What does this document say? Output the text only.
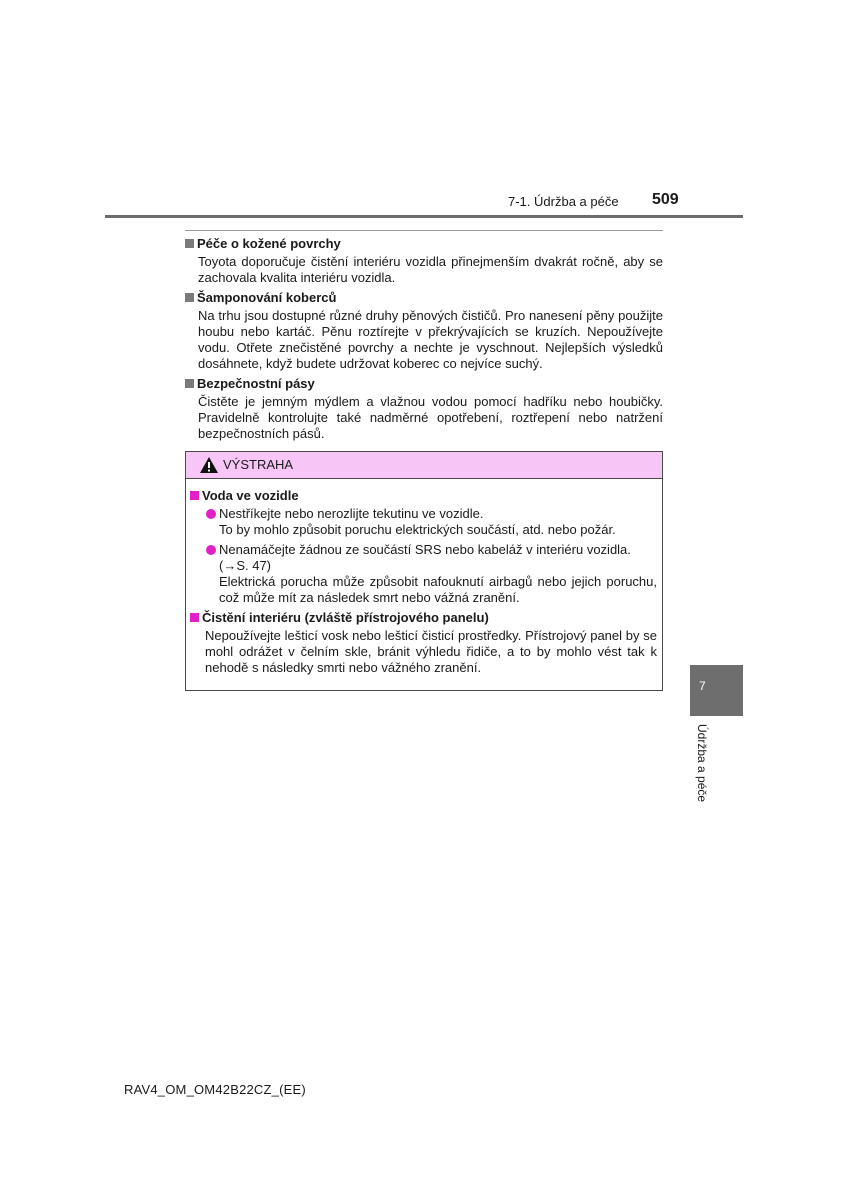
7-1. Údržba a péče 509

Péče o kožené povrchy

Toyota doporučuje čistění interiéru vozidla přinejmenším dvakrát ročně, aby se zachovala kvalita interiéru vozidla.

Šamponování koberců

Na trhu jsou dostupné různé druhy pěnových čističů. Pro nanesení pěny použijte houbu nebo kartáč. Pěnu roztírejte v překrývajících se kruzích. Nepoužívejte vodu. Otřete znečistěné povrchy a nechte je vyschnout. Nejlepších výsledků dosáhnete, když budete udržovat koberec co nejvíce suchý.

Bezpečnostní pásy

Čistěte je jemným mýdlem a vlažnou vodou pomocí hadříku nebo houbičky. Pravidelně kontrolujte také nadměrné opotřebení, roztřepení nebo natržení bezpečnostních pásů.

VÝSTRAHA

Voda ve vozidle

Nestříkejte nebo nerozlijte tekutinu ve vozidle.
To by mohlo způsobit poruchu elektrických součástí, atd. nebo požár.
Nenamáčejte žádnou ze součástí SRS nebo kabeláž v interiéru vozidla.
(→S. 47)
Elektrická porucha může způsobit nafouknutí airbagů nebo jejich poruchu, což může mít za následek smrt nebo vážná zranění.

Čistění interiéru (zvláště přístrojového panelu)

Nepoužívejte lešticí vosk nebo lešticí čisticí prostředky. Přístrojový panel by se mohl odrážet v čelním skle, bránit výhledu řidiče, a to by mohlo vést tak k nehodě s následky smrti nebo vážného zranění.

7
Údržba a péče
RAV4_OM_OM42B22CZ_(EE)
